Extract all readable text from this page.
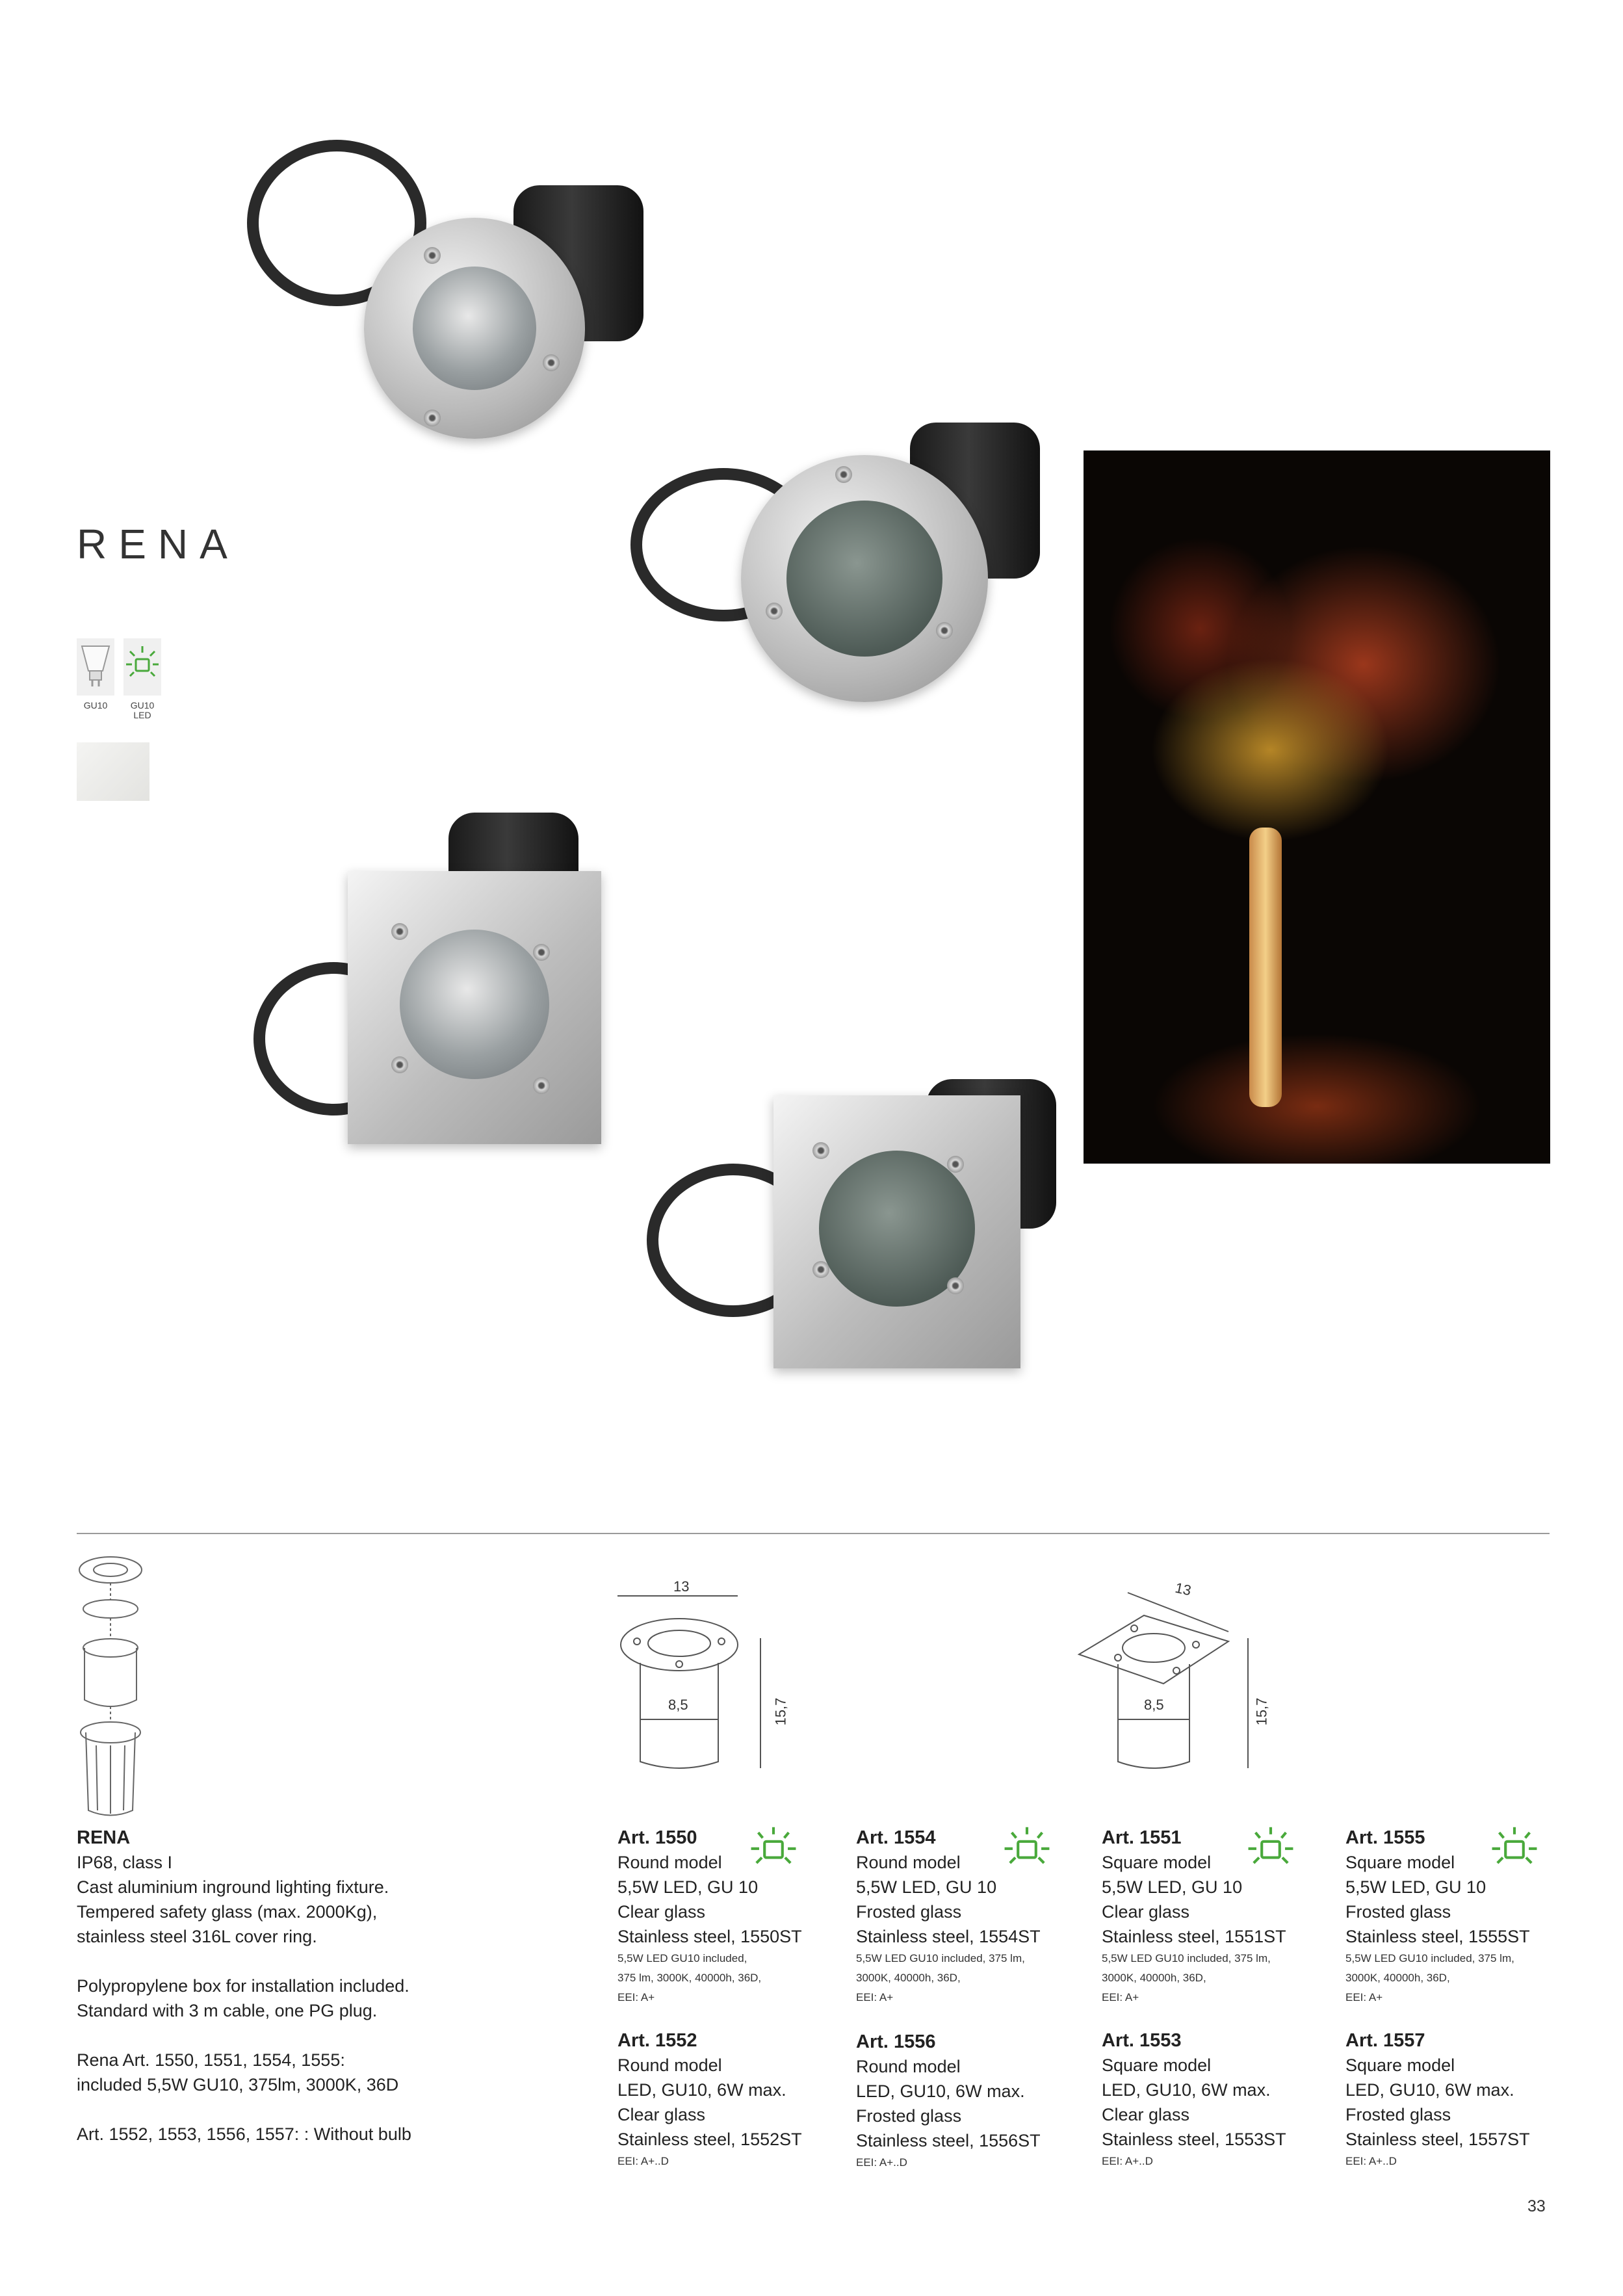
RENA
GU10	GU10 LED
13
8,5	15,7
13
8,5	15,7
RENA
IP68, class I
Cast aluminium inground lighting fixture.
Tempered safety glass (max. 2000Kg),
stainless steel 316L cover ring.
Polypropylene box for installation included.
Standard with 3 m cable, one PG plug.
Rena Art. 1550, 1551, 1554, 1555:
included 5,5W GU10, 375lm, 3000K, 36D
Art. 1552, 1553, 1556, 1557: : Without bulb
Art. 1550
Round model
5,5W LED, GU 10
Clear glass
Stainless steel, 1550ST
5,5W LED GU10 included,
375 lm, 3000K, 40000h, 36D,
EEI: A+
Art. 1554
Round model
5,5W LED, GU 10
Frosted glass
Stainless steel, 1554ST
5,5W LED GU10 included, 375 lm,
3000K, 40000h, 36D,
EEI: A+
Art. 1551
Square model
5,5W LED, GU 10
Clear glass
Stainless steel, 1551ST
5,5W LED GU10 included, 375 lm,
3000K, 40000h, 36D,
EEI: A+
Art. 1555
Square model
5,5W LED, GU 10
Frosted glass
Stainless steel, 1555ST
5,5W LED GU10 included, 375 lm,
3000K, 40000h, 36D,
EEI: A+
Art. 1552
Round model
LED, GU10, 6W max.
Clear glass
Stainless steel, 1552ST
EEI: A+..D
Art. 1556
Round model
LED, GU10, 6W max.
Frosted glass
Stainless steel, 1556ST
EEI: A+..D
Art. 1553
Square model
LED, GU10, 6W max.
Clear glass
Stainless steel, 1553ST
EEI: A+..D
Art. 1557
Square model
LED, GU10, 6W max.
Frosted glass
Stainless steel, 1557ST
EEI: A+..D
33
